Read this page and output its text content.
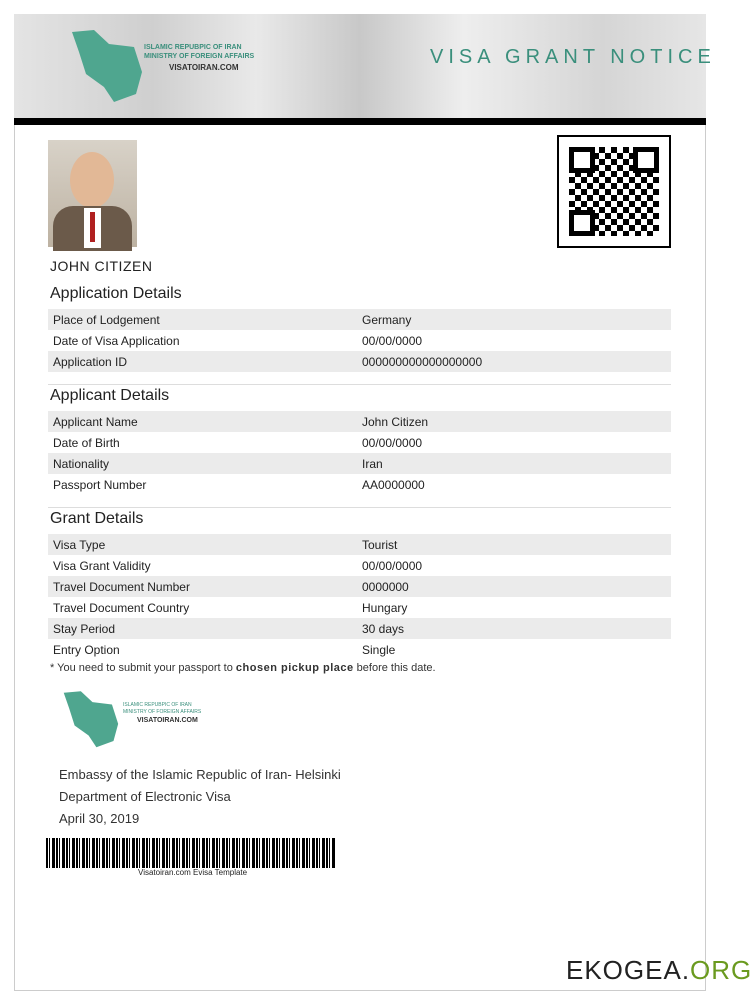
ISLAMIC REPUBPIC OF IRAN
MINISTRY OF FOREIGN AFFAIRS
VISATOIRAN.COM	VISA GRANT NOTICE
JOHN CITIZEN
Application Details
Place of Lodgement	Germany
Date of Visa Application	00/00/0000
Application ID	000000000000000000
Applicant Details
Applicant Name	John Citizen
Date of Birth	00/00/0000
Nationality	Iran
Passport Number	AA0000000
Grant Details
Visa Type	Tourist
Visa Grant Validity	00/00/0000
Travel Document Number	0000000
Travel Document Country	Hungary
Stay Period	30 days
Entry Option	Single
* You need to submit your passport to chosen pickup place before this date.
ISLAMIC REPUBPIC OF IRAN
MINISTRY OF FOREIGN AFFAIRS
VISATOIRAN.COM
Embassy of the Islamic Republic of Iran- Helsinki
Department of Electronic Visa
April 30, 2019
Visatoiran.com Evisa Template
EKOGEA.ORG
